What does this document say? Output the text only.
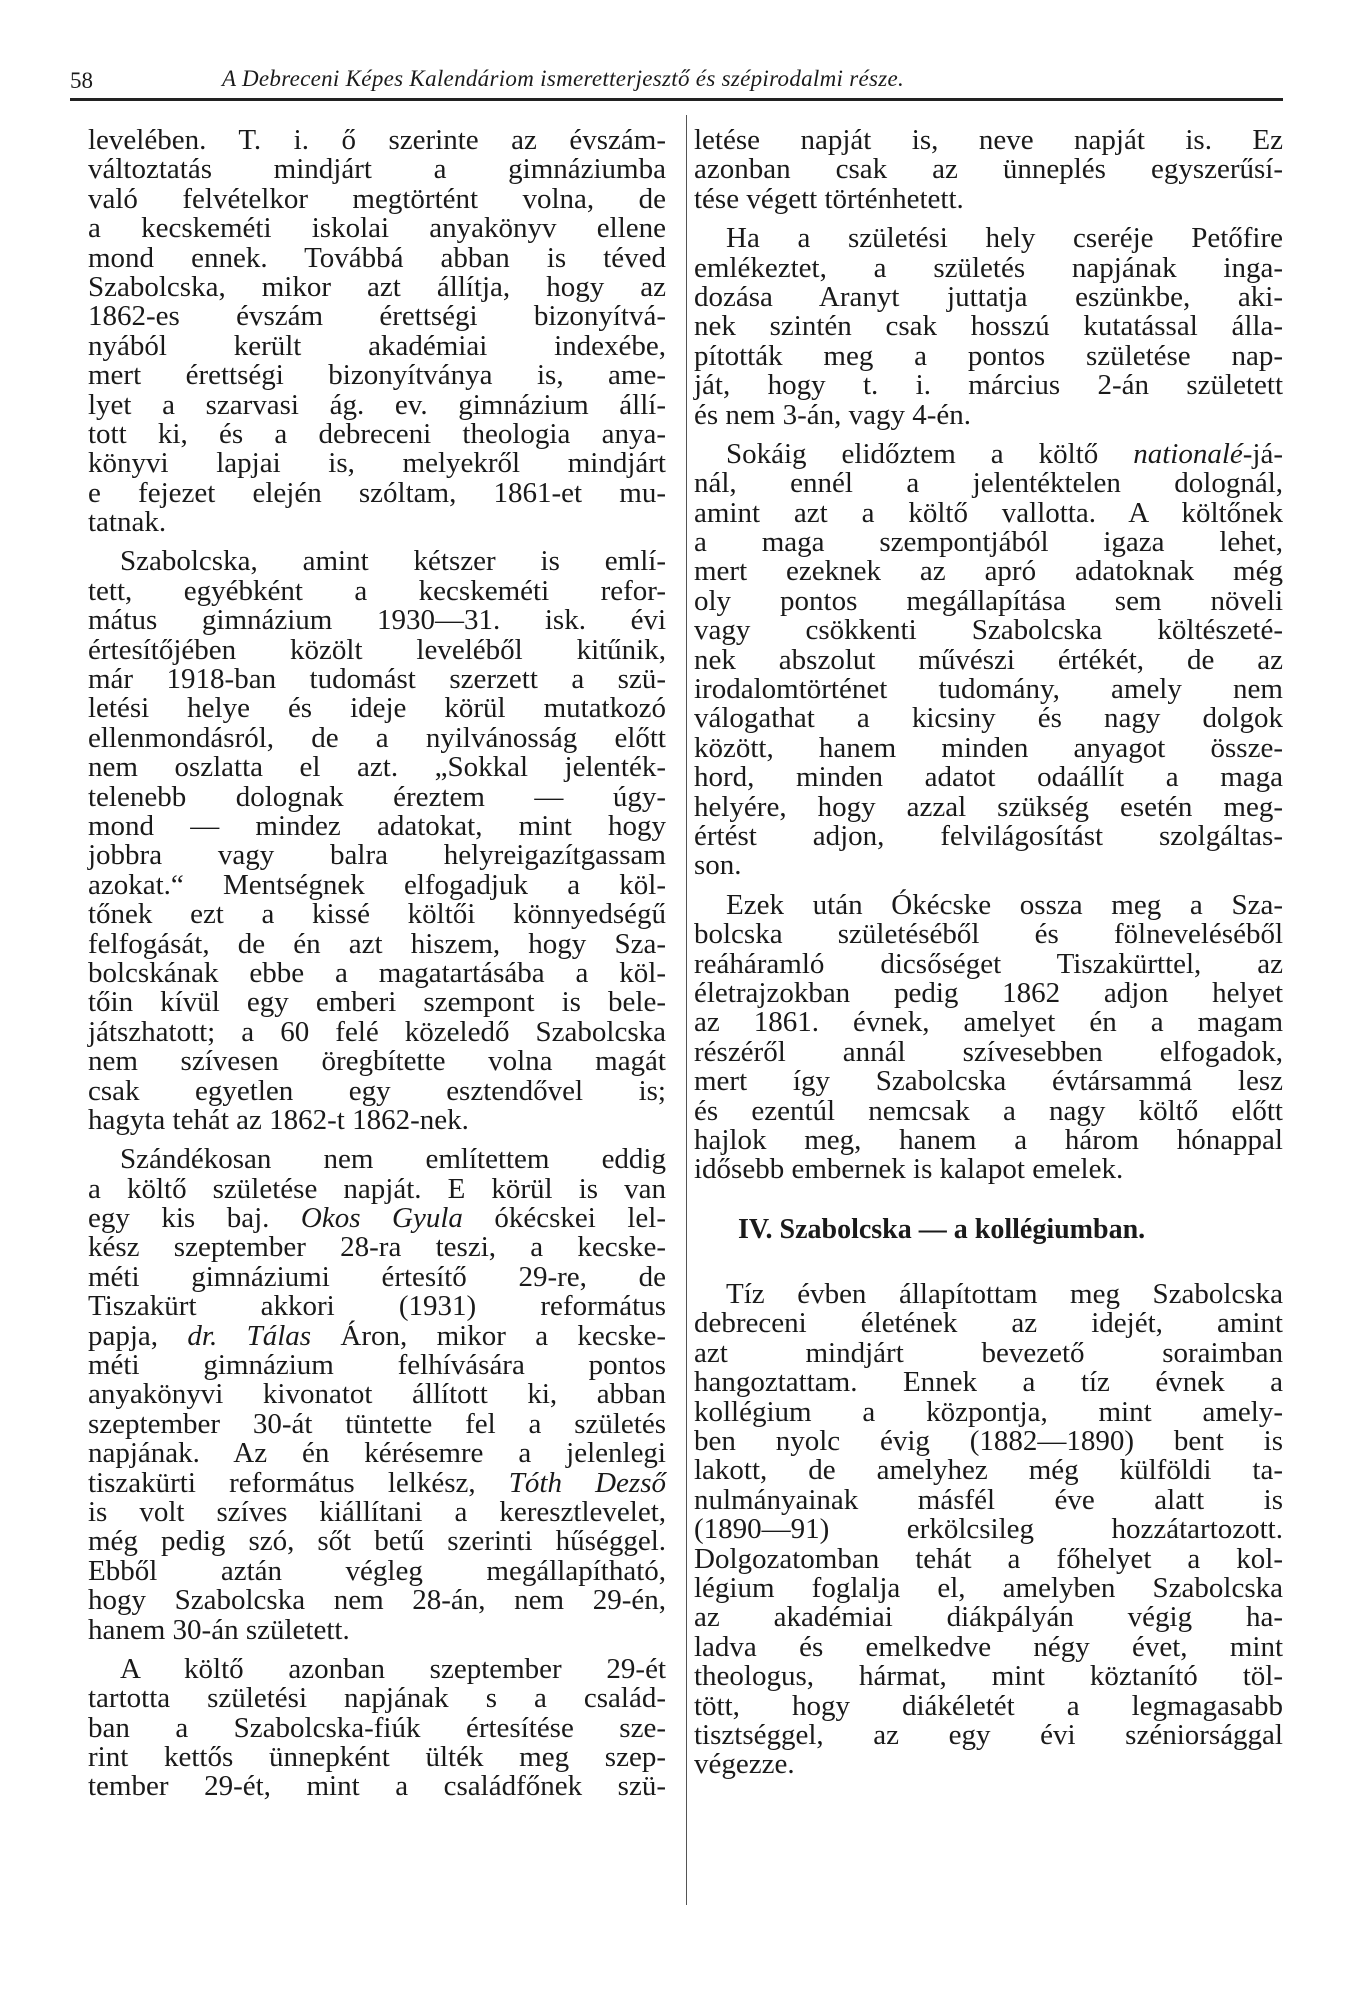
58	A Debreceni Képes Kalendáriom ismeretterjesztő és szépirodalmi része.
levelében. T. i. ő szerinte az évszám-
változtatás mindjárt a gimnáziumba
való felvételkor megtörtént volna, de
a kecskeméti iskolai anyakönyv ellene
mond ennek. Továbbá abban is téved
Szabolcska, mikor azt állítja, hogy az
1862-es évszám érettségi bizonyítvá-
nyából került akadémiai indexébe,
mert érettségi bizonyítványa is, ame-
lyet a szarvasi ág. ev. gimnázium állí-
tott ki, és a debreceni theologia anya-
könyvi lapjai is, melyekről mindjárt
e fejezet elején szóltam, 1861-et mu-
tatnak.
Szabolcska, amint kétszer is emlí-
tett, egyébként a kecskeméti refor-
mátus gimnázium 1930—31. isk. évi
értesítőjében közölt leveléből kitűnik,
már 1918-ban tudomást szerzett a szü-
letési helye és ideje körül mutatkozó
ellenmondásról, de a nyilvánosság előtt
nem oszlatta el azt. „Sokkal jelenték-
telenebb dolognak éreztem — úgy-
mond — mindez adatokat, mint hogy
jobbra vagy balra helyreigazítgassam
azokat.“ Mentségnek elfogadjuk a köl-
tőnek ezt a kissé költői könnyedségű
felfogását, de én azt hiszem, hogy Sza-
bolcskának ebbe a magatartásába a köl-
tőin kívül egy emberi szempont is bele-
játszhatott; a 60 felé közeledő Szabolcska
nem szívesen öregbítette volna magát
csak egyetlen egy esztendővel is;
hagyta tehát az 1862-t 1862-nek.
Szándékosan nem említettem eddig
a költő születése napját. E körül is van
egy kis baj. Okos Gyula ókécskei lel-
kész szeptember 28-ra teszi, a kecske-
méti gimnáziumi értesítő 29-re, de
Tiszakürt akkori (1931) református
papja, dr. Tálas Áron, mikor a kecske-
méti gimnázium felhívására pontos
anyakönyvi kivonatot állított ki, abban
szeptember 30-át tüntette fel a születés
napjának. Az én kérésemre a jelenlegi
tiszakürti református lelkész, Tóth Dezső
is volt szíves kiállítani a keresztlevelet,
még pedig szó, sőt betű szerinti hűséggel.
Ebből aztán végleg megállapítható,
hogy Szabolcska nem 28-án, nem 29-én,
hanem 30-án született.
A költő azonban szeptember 29-ét
tartotta születési napjának s a család-
ban a Szabolcska-fiúk értesítése sze-
rint kettős ünnepként ülték meg szep-
tember 29-ét, mint a családfőnek szü-
letése napját is, neve napját is. Ez
azonban csak az ünneplés egyszerűsí-
tése végett történhetett.
Ha a születési hely cseréje Petőfire
emlékeztet, a születés napjának inga-
dozása Aranyt juttatja eszünkbe, aki-
nek szintén csak hosszú kutatással álla-
pították meg a pontos születése nap-
ját, hogy t. i. március 2-án született
és nem 3-án, vagy 4-én.
Sokáig elidőztem a költő nationalé-já-
nál, ennél a jelentéktelen dolognál,
amint azt a költő vallotta. A költőnek
a maga szempontjából igaza lehet,
mert ezeknek az apró adatoknak még
oly pontos megállapítása sem növeli
vagy csökkenti Szabolcska költészeté-
nek abszolut művészi értékét, de az
irodalomtörténet tudomány, amely nem
válogathat a kicsiny és nagy dolgok
között, hanem minden anyagot össze-
hord, minden adatot odaállít a maga
helyére, hogy azzal szükség esetén meg-
értést adjon, felvilágosítást szolgáltas-
son.
Ezek után Ókécske ossza meg a Sza-
bolcska születéséből és fölneveléséből
reáháramló dicsőséget Tiszakürttel, az
életrajzokban pedig 1862 adjon helyet
az 1861. évnek, amelyet én a magam
részéről annál szívesebben elfogadok,
mert így Szabolcska évtársammá lesz
és ezentúl nemcsak a nagy költő előtt
hajlok meg, hanem a három hónappal
idősebb embernek is kalapot emelek.
IV. Szabolcska — a kollégiumban.
Tíz évben állapítottam meg Szabolcska
debreceni életének az idejét, amint
azt mindjárt bevezető soraimban
hangoztattam. Ennek a tíz évnek a
kollégium a központja, mint amely-
ben nyolc évig (1882—1890) bent is
lakott, de amelyhez még külföldi ta-
nulmányainak másfél éve alatt is
(1890—91) erkölcsileg hozzátartozott.
Dolgozatomban tehát a főhelyet a kol-
légium foglalja el, amelyben Szabolcska
az akadémiai diákpályán végig ha-
ladva és emelkedve négy évet, mint
theologus, hármat, mint köztanító töl-
tött, hogy diákéletét a legmagasabb
tisztséggel, az egy évi széniorsággal
végezze.
